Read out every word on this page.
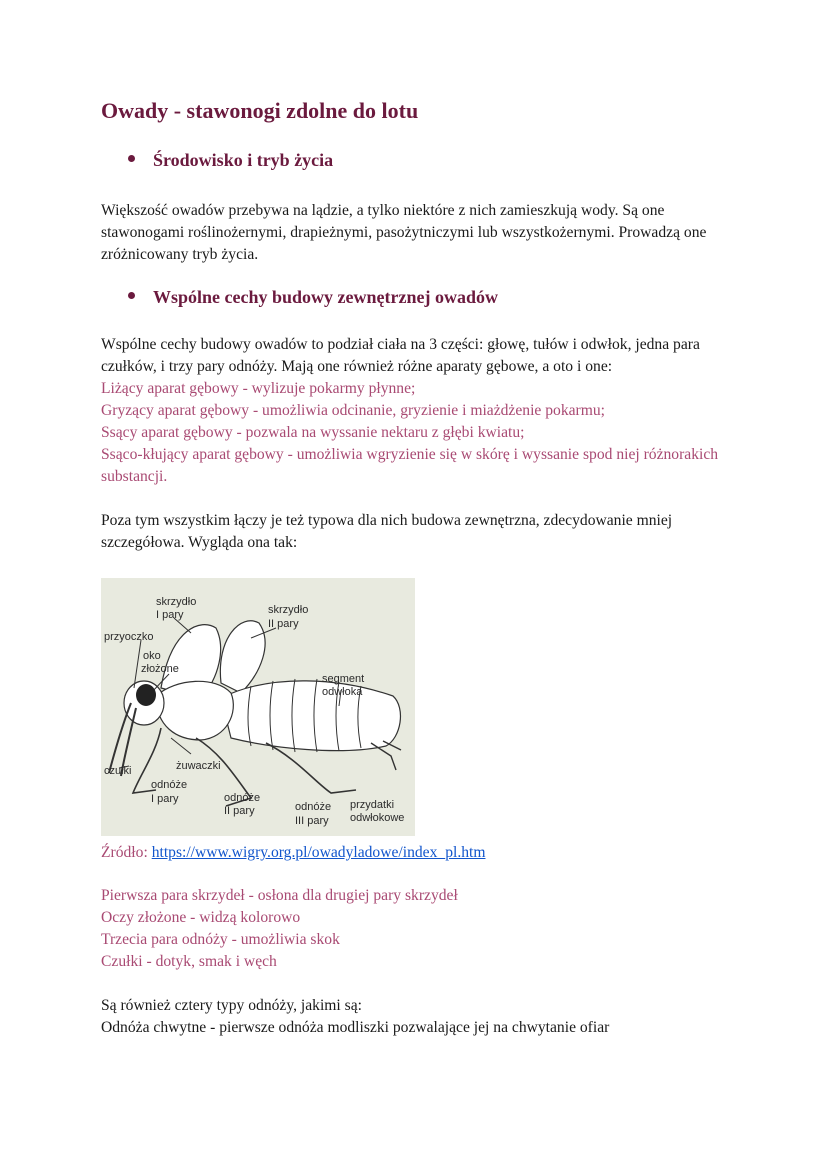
Owady - stawonogi zdolne do lotu
Środowisko i tryb życia

Większość owadów przebywa na lądzie, a tylko niektóre z nich zamieszkują wody. Są one stawonogami roślinożernymi, drapieżnymi, pasożytniczymi lub wszystkożernymi. Prowadzą one zróżnicowany tryb życia.

Wspólne cechy budowy zewnętrznej owadów

Wspólne cechy budowy owadów to podział ciała na 3 części: głowę, tułów i odwłok, jedna para czułków, i trzy pary odnóży. Mają one również różne aparaty gębowe, a oto i one:

Liżący aparat gębowy - wylizuje pokarmy płynne;

Gryzący aparat gębowy - umożliwia odcinanie, gryzienie i miażdżenie pokarmu;

Ssący aparat gębowy - pozwala na wyssanie nektaru z głębi kwiatu;

Ssąco-kłujący aparat gębowy - umożliwia wgryzienie się w skórę i wyssanie spod niej różnorakich substancji.

Poza tym wszystkim łączy je też typowa dla nich budowa zewnętrzna, zdecydowanie mniej szczegółowa. Wygląda ona tak:

skrzydło
I pary	skrzydło
II pary
przyoczko
oko
złożone
segment
odwłoka
żuwaczki
czułki
odnóże
I pary	odnóże
II pary	odnóże
III pary
przydatki
odwłokowe

Źródło: https://www.wigry.org.pl/owadyladowe/index_pl.htm

Pierwsza para skrzydeł - osłona dla drugiej pary skrzydeł

Oczy złożone - widzą kolorowo

Trzecia para odnóży - umożliwia skok

Czułki - dotyk, smak i węch

Są również cztery typy odnóży, jakimi są:

Odnóża chwytne - pierwsze odnóża modliszki pozwalające jej na chwytanie ofiar
